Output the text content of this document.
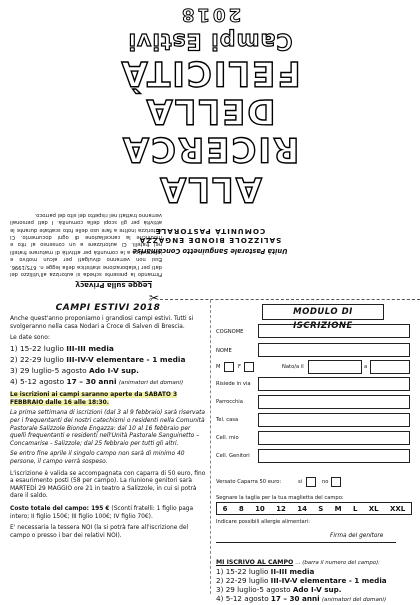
Legge sulla Privacy
Firmando la presente scheda si autorizza all'utilizzo dei dati per l'elaborazione statistica della legge n. 675/1996. Essi non verranno divulgati per alcun motivo e informatico a la comunità per attività di maturare fratelli nei fratelli. Ci autorizzare a un consenso al rito e modifiche la cancellazione di ogni documento. Ci autorizza inoltre a fare uso delle foto scattate durante le attività per gli scopi della comunità. I dati personali verranno trattati nel rispetto del sito del parroco.
Unità Pastorale Sanguinetto Concamarise
SALIZZOLE BIONDE ENGAZZA
COMUNITÀ PASTORALE
ALLA
RICERCA
DELLA
FELICITÀ
Campi Estivi
2018
✂
CAMPI ESTIVI 2018
Anche quest'anno proponiamo i grandiosi campi estivi. Tutti si svolgeranno nella casa Nodari a Croce di Salven di Brescia.
Le date sono:
1) 15-22 luglio III-III media
2) 22-29 luglio III-IV-V elementare - 1 media
3) 29 luglio-5 agosto Ado I-V sup.
4) 5-12 agosto 17 – 30 anni (animatori del domani)
Le iscrizioni ai campi saranno aperte da SABATO 3 FEBBRAIO dalle 16 alle 18:30.
La prima settimana di iscrizioni (dal 3 al 9 febbraio) sarà riservata per i frequentanti dei nostri catechismi o residenti nella Comunità Pastorale Salizzole Bionde Engazza: dal 10 al 16 febbraio per quelli frequentanti e residenti nell'Unità Pastorale Sanguinetto – Concamarise - Salizzole; dal 25 febbraio per tutti gli altri.
Se entro fine aprile il singolo campo non sarà di minimo 40 persone, il campo verrà sospeso.
L'iscrizione è valida se accompagnata con caparra di 50 euro, fino a esaurimento posti (58 per campo). La riunione genitori sarà MARTEDÌ 29 MAGGIO ore 21 in teatro a Salizzole, in cui si potrà dare il saldo.
Costo totale del campo: 195 € (Sconti fratelli: 1 figlio paga intero; II figlio 150€; III figlio 100€; IV figlio 70€).
E' necessaria la tessera NOI (la si potrà fare all'iscrizione del campo o presso i bar dei relativi NOI).
MODULO DI ISCRIZIONE
COGNOME
NOME
M	F	Nato/a il	a
Risiede in via
Parrocchia
Tel. casa
Cell. mio
Cell. Genitori
Versato Caparra 50 euro:	si	no
Segnare la taglia per la tua maglietta del campo:
6 8 10 12 14 S M L XL XXL
Indicare possibili allergie alimentari:
Firma del genitore
MI ISCRIVO AL CAMPO ... (barra il numero del campo):
1) 15-22 luglio II-III media
2) 22-29 luglio III-IV-V elementare - 1 media
3) 29 luglio-5 agosto Ado I-V sup.
4) 5-12 agosto 17 – 30 anni (animatori del domani)
